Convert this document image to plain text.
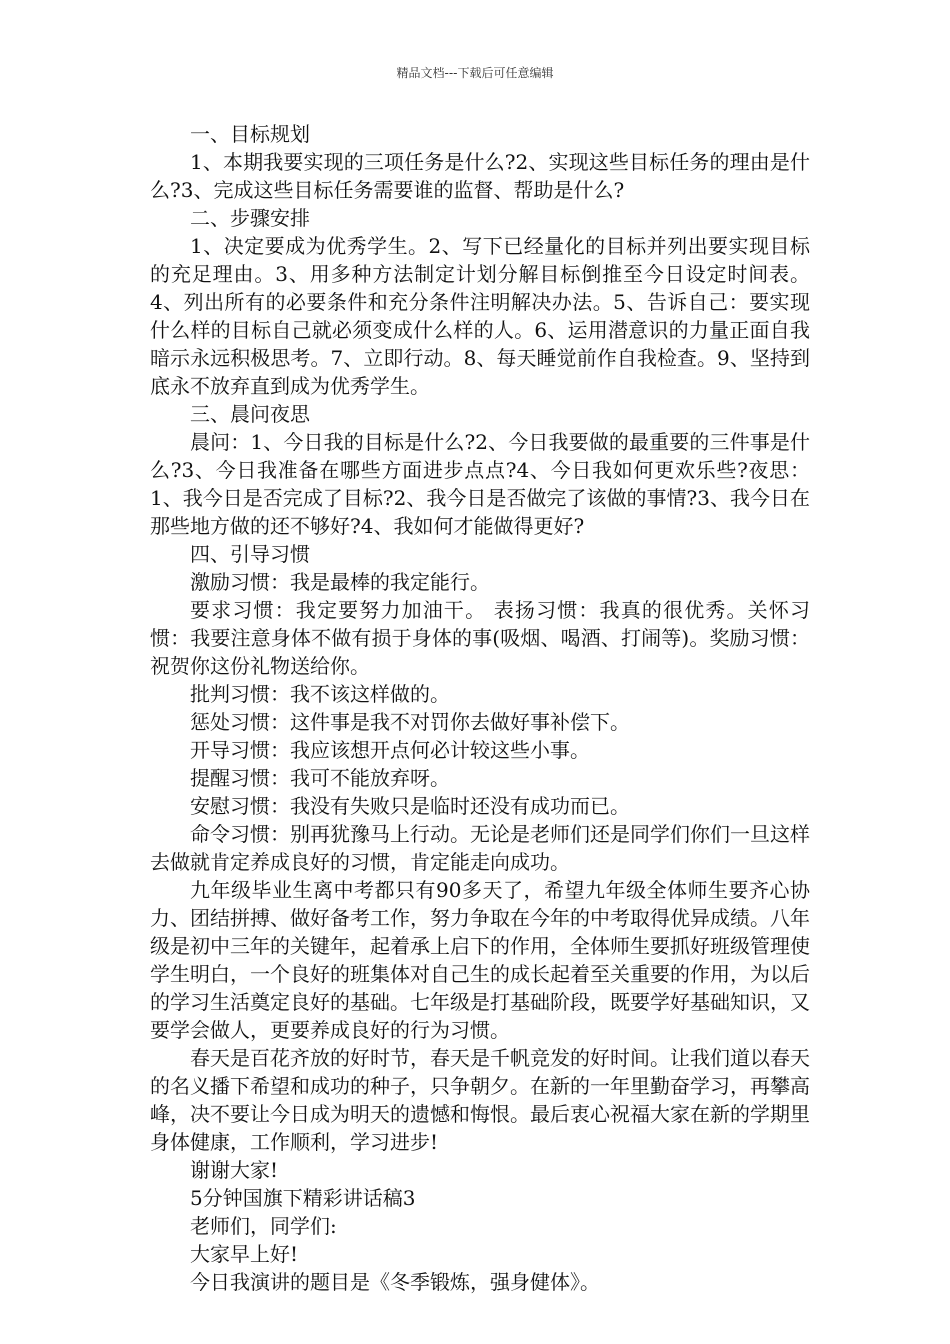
精品文档---下载后可任意编辑

一、目标规划

1、本期我要实现的三项任务是什么?2、实现这些目标任务的理由是什么?3、完成这些目标任务需要谁的监督、帮助是什么?

二、步骤安排

1、决定要成为优秀学生。2、写下已经量化的目标并列出要实现目标的充足理由。3、用多种方法制定计划分解目标倒推至今日设定时间表。4、列出所有的必要条件和充分条件注明解决办法。5、告诉自己：要实现什么样的目标自己就必须变成什么样的人。6、运用潜意识的力量正面自我暗示永远积极思考。7、立即行动。8、每天睡觉前作自我检查。9、坚持到底永不放弃直到成为优秀学生。

三、晨问夜思

晨问：1、今日我的目标是什么?2、今日我要做的最重要的三件事是什么?3、今日我准备在哪些方面进步点点?4、今日我如何更欢乐些?夜思：1、我今日是否完成了目标?2、我今日是否做完了该做的事情?3、我今日在那些地方做的还不够好?4、我如何才能做得更好?

四、引导习惯

激励习惯：我是最棒的我定能行。

要求习惯：我定要努力加油干。 表扬习惯：我真的很优秀。关怀习惯：我要注意身体不做有损于身体的事(吸烟、喝酒、打闹等)。奖励习惯：祝贺你这份礼物送给你。

批判习惯：我不该这样做的。

惩处习惯：这件事是我不对罚你去做好事补偿下。

开导习惯：我应该想开点何必计较这些小事。

提醒习惯：我可不能放弃呀。

安慰习惯：我没有失败只是临时还没有成功而已。

命令习惯：别再犹豫马上行动。无论是老师们还是同学们你们一旦这样去做就肯定养成良好的习惯，肯定能走向成功。

九年级毕业生离中考都只有90多天了，希望九年级全体师生要齐心协力、团结拼搏、做好备考工作，努力争取在今年的中考取得优异成绩。八年级是初中三年的关键年，起着承上启下的作用，全体师生要抓好班级管理使学生明白，一个良好的班集体对自己生的成长起着至关重要的作用，为以后的学习生活奠定良好的基础。七年级是打基础阶段，既要学好基础知识，又要学会做人，更要养成良好的行为习惯。

春天是百花齐放的好时节，春天是千帆竞发的好时间。让我们道以春天的名义播下希望和成功的种子，只争朝夕。在新的一年里勤奋学习，再攀高峰，决不要让今日成为明天的遗憾和悔恨。最后衷心祝福大家在新的学期里身体健康，工作顺利，学习进步!

谢谢大家!

5分钟国旗下精彩讲话稿3

老师们，同学们:

大家早上好!

今日我演讲的题目是《冬季锻炼，强身健体》。
